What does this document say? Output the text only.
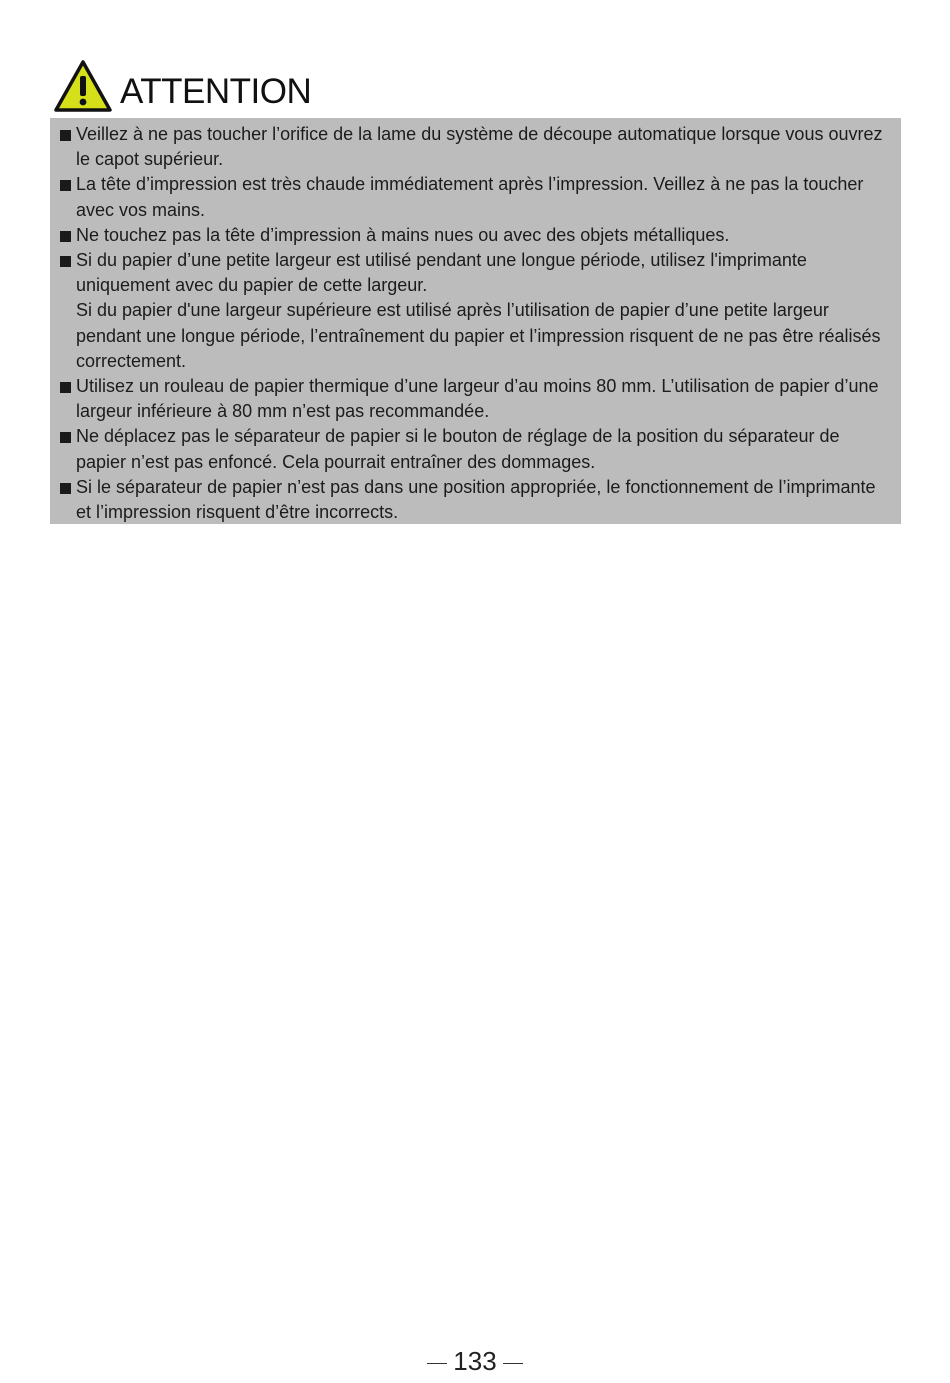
ATTENTION
Veillez à ne pas toucher l’orifice de la lame du système de découpe automatique lorsque vous ouvrez le capot supérieur.
La tête d’impression est très chaude immédiatement après l’impression. Veillez à ne pas la toucher avec vos mains.
Ne touchez pas la tête d’impression à mains nues ou avec des objets métalliques.
Si du papier d’une petite largeur est utilisé pendant une longue période, utilisez l'imprimante uniquement avec du papier de cette largeur.
Si du papier d'une largeur supérieure est utilisé après l’utilisation de papier d’une petite largeur pendant une longue période, l’entraînement du papier et l’impression risquent de ne pas être réalisés correctement.
Utilisez un rouleau de papier thermique d’une largeur d’au moins 80 mm. L’utilisation de papier d’une largeur inférieure à 80 mm n’est pas recommandée.
Ne déplacez pas le séparateur de papier si le bouton de réglage de la position du séparateur de papier n’est pas enfoncé. Cela pourrait entraîner des dommages.
Si le séparateur de papier n’est pas dans une position appropriée, le fonctionnement de l’imprimante et l’impression risquent d’être incorrects.
133
